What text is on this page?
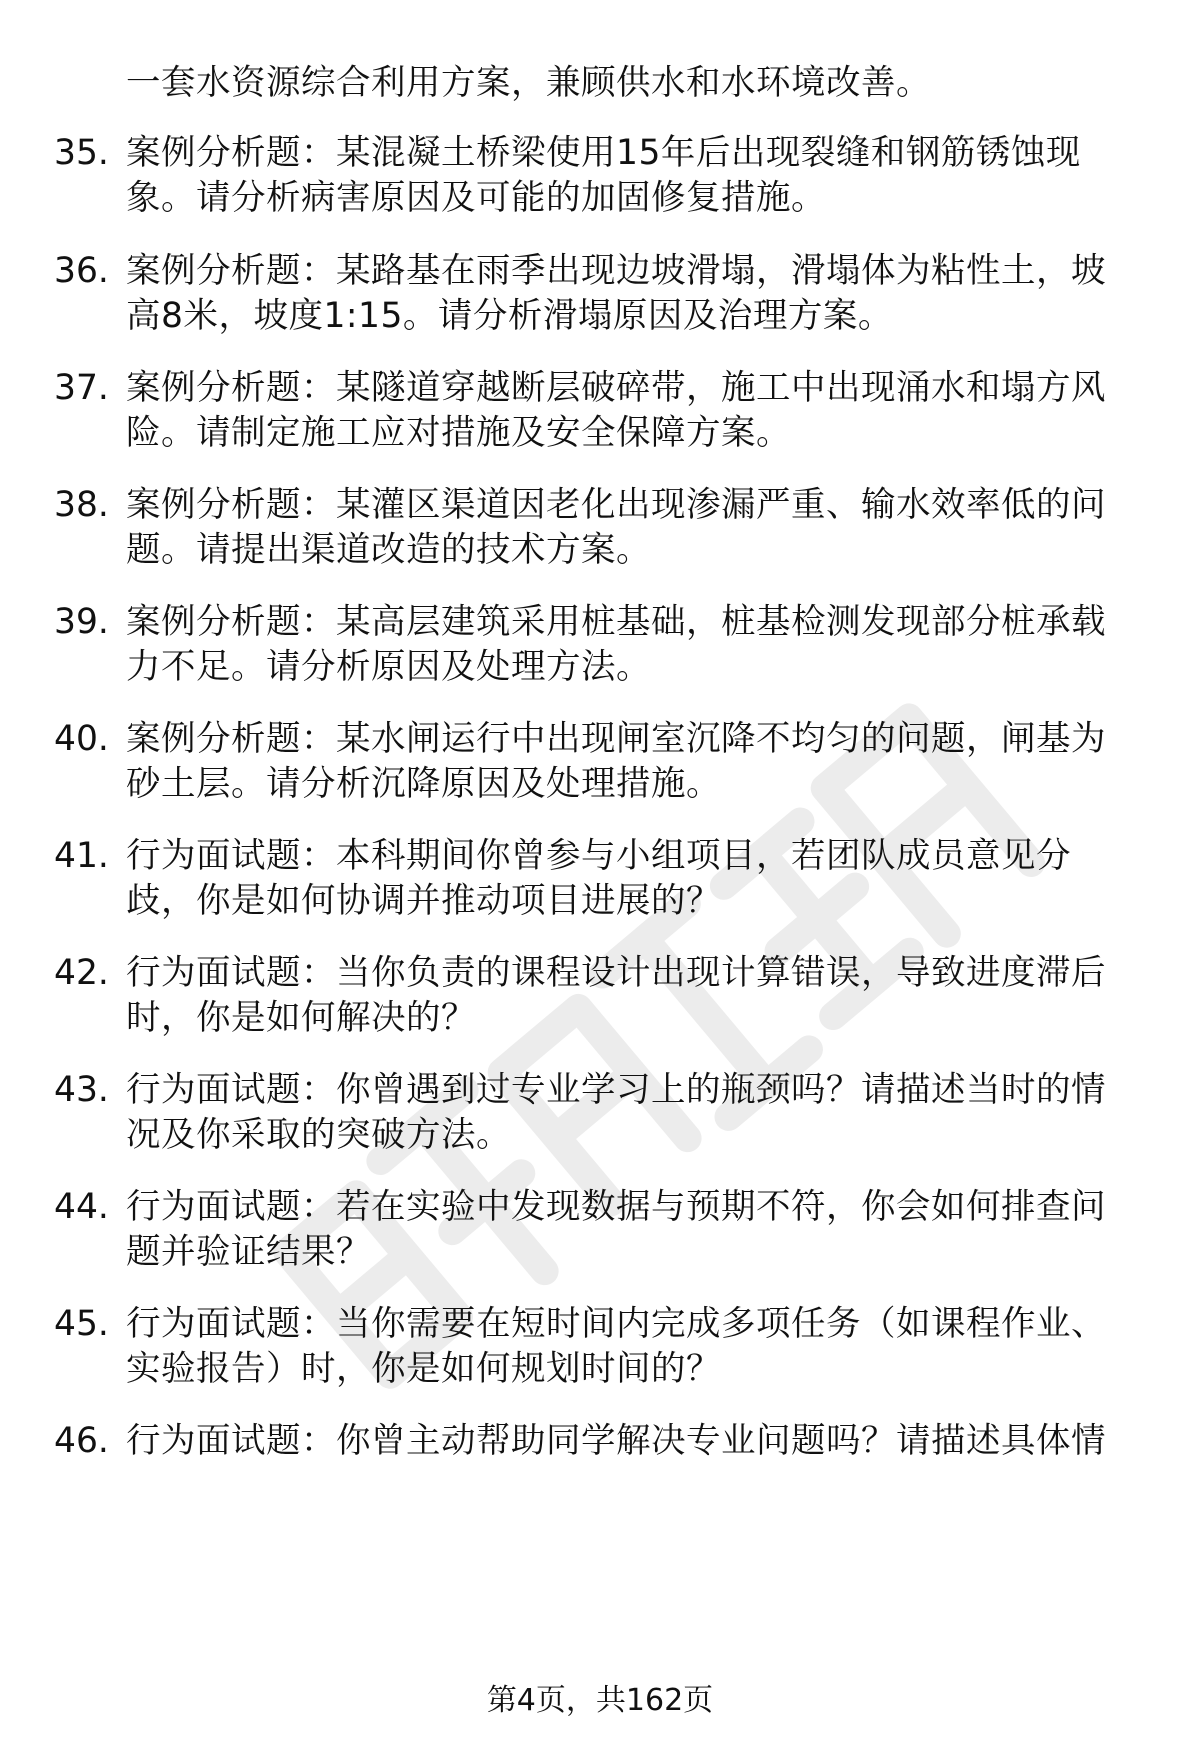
一套水资源综合利用方案，兼顾供水和水环境改善。
35. 案例分析题：某混凝土桥梁使用15年后出现裂缝和钢筋锈蚀现
象。请分析病害原因及可能的加固修复措施。
36. 案例分析题：某路基在雨季出现边坡滑塌，滑塌体为粘性土，坡
高8米，坡度1:15。请分析滑塌原因及治理方案。
37. 案例分析题：某隧道穿越断层破碎带，施工中出现涌水和塌方风
险。请制定施工应对措施及安全保障方案。
38. 案例分析题：某灌区渠道因老化出现渗漏严重、输水效率低的问
题。请提出渠道改造的技术方案。
39. 案例分析题：某高层建筑采用桩基础，桩基检测发现部分桩承载
力不足。请分析原因及处理方法。
40. 案例分析题：某水闸运行中出现闸室沉降不均匀的问题，闸基为
砂土层。请分析沉降原因及处理措施。
41. 行为面试题：本科期间你曾参与小组项目，若团队成员意见分
歧，你是如何协调并推动项目进展的？
42. 行为面试题：当你负责的课程设计出现计算错误，导致进度滞后
时，你是如何解决的？
43. 行为面试题：你曾遇到过专业学习上的瓶颈吗？请描述当时的情
况及你采取的突破方法。
44. 行为面试题：若在实验中发现数据与预期不符，你会如何排查问
题并验证结果？
45. 行为面试题：当你需要在短时间内完成多项任务（如课程作业、
实验报告）时，你是如何规划时间的？
46. 行为面试题：你曾主动帮助同学解决专业问题吗？请描述具体情
第4页，共162页
